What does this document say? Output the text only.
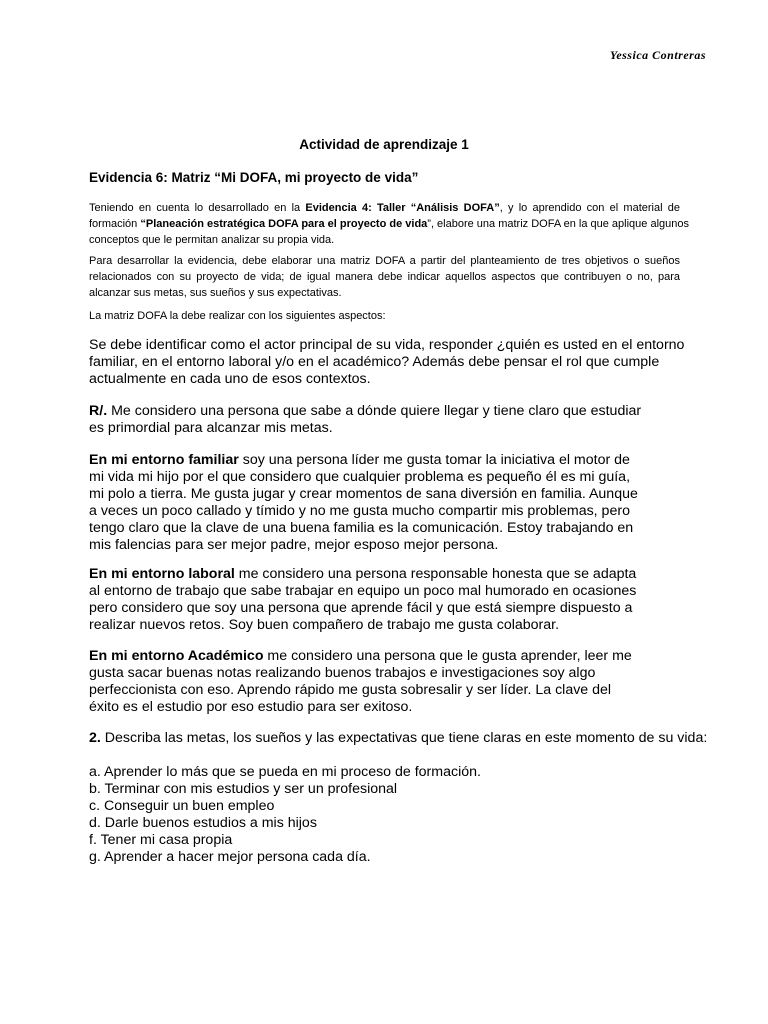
Yessica Contreras
Actividad de aprendizaje 1
Evidencia 6: Matriz “Mi DOFA, mi proyecto de vida”
Teniendo en cuenta lo desarrollado en la Evidencia 4: Taller “Análisis DOFA”, y lo aprendido con el material de
formación “Planeación estratégica DOFA para el proyecto de vida”, elabore una matriz DOFA en la que aplique algunos
conceptos que le permitan analizar su propia vida.
Para desarrollar la evidencia, debe elaborar una matriz DOFA a partir del planteamiento de tres objetivos o sueños
relacionados con su proyecto de vida; de igual manera debe indicar aquellos aspectos que contribuyen o no, para
alcanzar sus metas, sus sueños y sus expectativas.
La matriz DOFA la debe realizar con los siguientes aspectos:
Se debe identificar como el actor principal de su vida, responder ¿quién es usted en el entorno
familiar, en el entorno laboral y/o en el académico? Además debe pensar el rol que cumple
actualmente en cada uno de esos contextos.
R/. Me considero una persona que sabe a dónde quiere llegar y tiene claro que estudiar
es primordial para alcanzar mis metas.
En mi entorno familiar soy una persona líder me gusta tomar la iniciativa el motor de
mi vida mi hijo por el que considero que cualquier problema es pequeño él es mi guía,
mi polo a tierra. Me gusta jugar y crear momentos de sana diversión en familia. Aunque
a veces un poco callado y tímido y no me gusta mucho compartir mis problemas, pero
tengo claro que la clave de una buena familia es la comunicación. Estoy trabajando en
mis falencias para ser mejor padre, mejor esposo mejor persona.
En mi entorno laboral me considero una persona responsable honesta que se adapta
al entorno de trabajo que sabe trabajar en equipo un poco mal humorado en ocasiones
pero considero que soy una persona que aprende fácil y que está siempre dispuesto a
realizar nuevos retos. Soy buen compañero de trabajo me gusta colaborar.
En mi entorno Académico me considero una persona que le gusta aprender, leer me
gusta sacar buenas notas realizando buenos trabajos e investigaciones soy algo
perfeccionista con eso. Aprendo rápido me gusta sobresalir y ser líder. La clave del
éxito es el estudio por eso estudio para ser exitoso.
2. Describa las metas, los sueños y las expectativas que tiene claras en este momento de su vida:
a. Aprender lo más que se pueda en mi proceso de formación.
b. Terminar con mis estudios y ser un profesional
c. Conseguir un buen empleo
d. Darle buenos estudios a mis hijos
f. Tener mi casa propia
g. Aprender a hacer mejor persona cada día.
